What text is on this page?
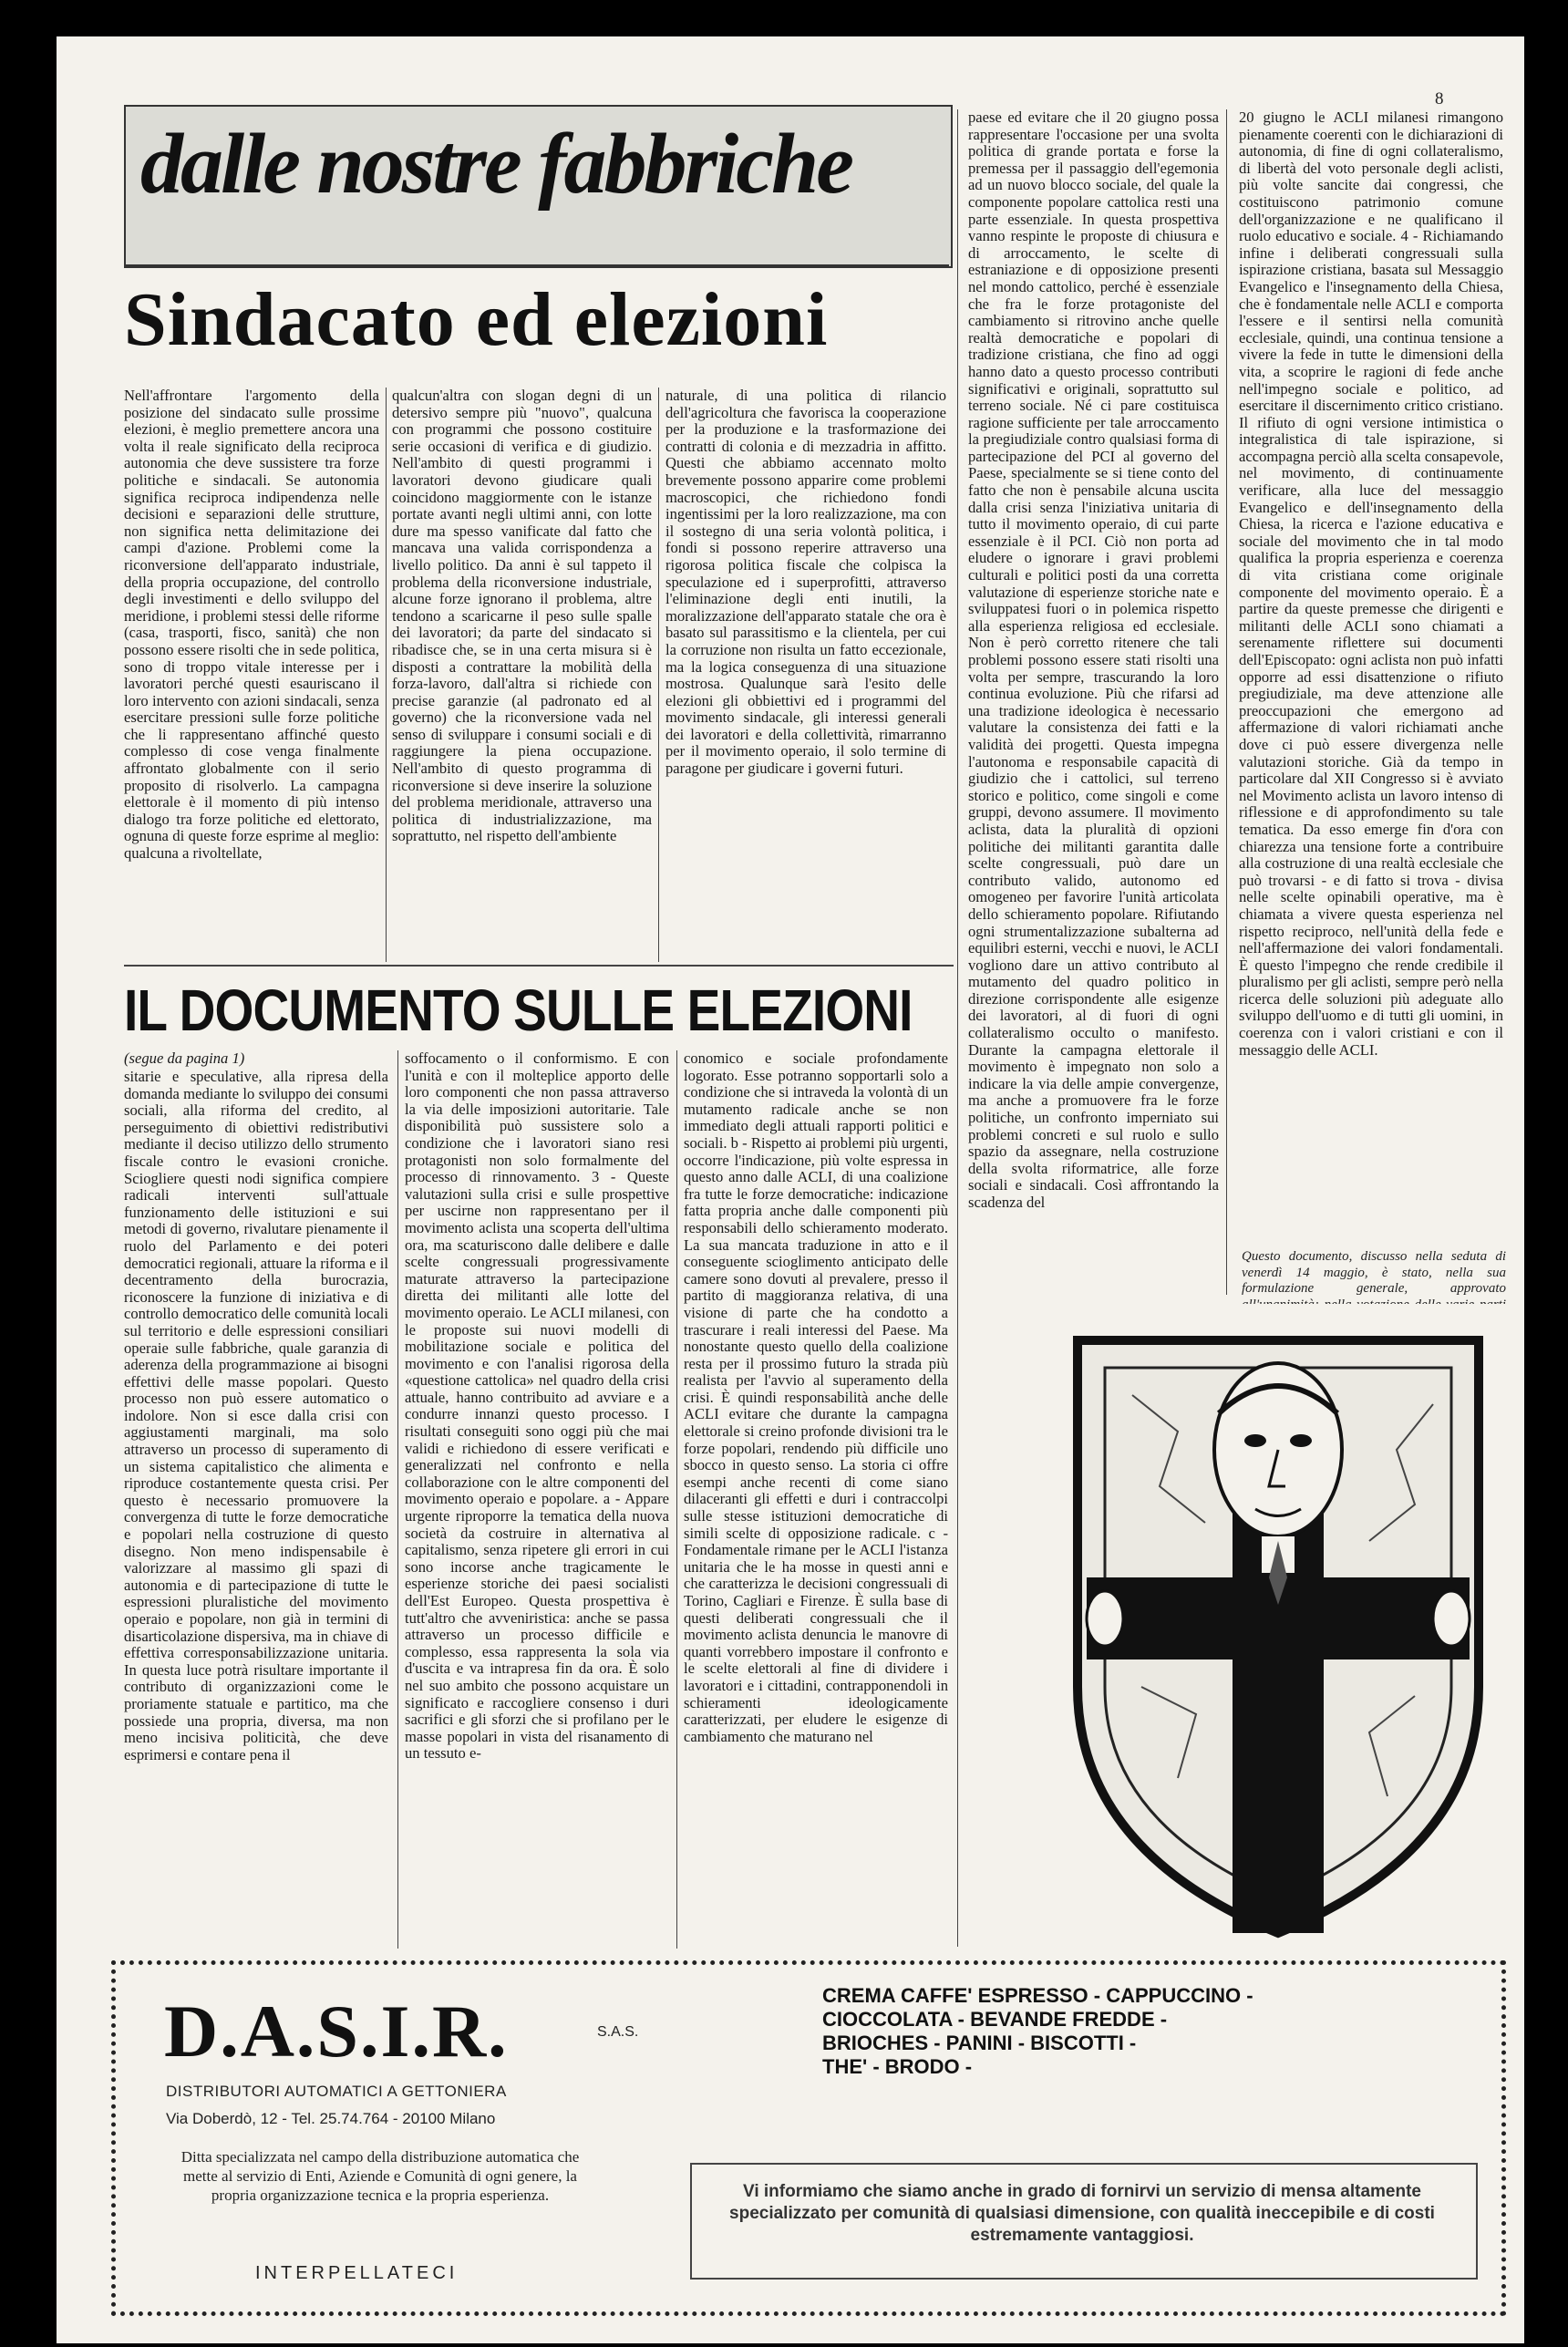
8
dalle nostre fabbriche
Sindacato ed elezioni
Nell'affrontare l'argomento della posizione del sindacato sulle prossime elezioni, è meglio premettere ancora una volta il reale significato della reciproca autonomia che deve sussistere tra forze politiche e sindacali. Se autonomia significa reciproca indipendenza nelle decisioni e separazioni delle strutture, non significa netta delimitazione dei campi d'azione. Problemi come la riconversione dell'apparato industriale, della propria occupazione, del controllo degli investimenti e dello sviluppo del meridione, i problemi stessi delle riforme (casa, trasporti, fisco, sanità) che non possono essere risolti che in sede politica, sono di troppo vitale interesse per i lavoratori perché questi esauriscano il loro intervento con azioni sindacali, senza esercitare pressioni sulle forze politiche che li rappresentano affinché questo complesso di cose venga finalmente affrontato globalmente con il serio proposito di risolverlo. La campagna elettorale è il momento di più intenso dialogo tra forze politiche ed elettorato, ognuna di queste forze esprime al meglio: qualcuna a rivoltellate,
qualcun'altra con slogan degni di un detersivo sempre più "nuovo", qualcuna con programmi che possono costituire serie occasioni di verifica e di giudizio. Nell'ambito di questi programmi i lavoratori devono giudicare quali coincidono maggiormente con le istanze portate avanti negli ultimi anni, con lotte dure ma spesso vanificate dal fatto che mancava una valida corrispondenza a livello politico. Da anni è sul tappeto il problema della riconversione industriale, alcune forze ignorano il problema, altre tendono a scaricarne il peso sulle spalle dei lavoratori; da parte del sindacato si ribadisce che, se in una certa misura si è disposti a contrattare la mobilità della forza-lavoro, dall'altra si richiede con precise garanzie (al padronato ed al governo) che la riconversione vada nel senso di sviluppare i consumi sociali e di raggiungere la piena occupazione. Nell'ambito di questo programma di riconversione si deve inserire la soluzione del problema meridionale, attraverso una politica di industrializzazione, ma soprattutto, nel rispetto dell'ambiente
naturale, di una politica di rilancio dell'agricoltura che favorisca la cooperazione per la produzione e la trasformazione dei contratti di colonia e di mezzadria in affitto. Questi che abbiamo accennato molto brevemente possono apparire come problemi macroscopici, che richiedono fondi ingentissimi per la loro realizzazione, ma con il sostegno di una seria volontà politica, i fondi si possono reperire attraverso una rigorosa politica fiscale che colpisca la speculazione ed i superprofitti, attraverso l'eliminazione degli enti inutili, la moralizzazione dell'apparato statale che ora è basato sul parassitismo e la clientela, per cui la corruzione non risulta un fatto eccezionale, ma la logica conseguenza di una situazione mostrosa. Qualunque sarà l'esito delle elezioni gli obbiettivi ed i programmi del movimento sindacale, gli interessi generali dei lavoratori e della collettività, rimarranno per il movimento operaio, il solo termine di paragone per giudicare i governi futuri.
paese ed evitare che il 20 giugno possa rappresentare l'occasione per una svolta politica di grande portata e forse la premessa per il passaggio dell'egemonia ad un nuovo blocco sociale, del quale la componente popolare cattolica resti una parte essenziale. In questa prospettiva vanno respinte le proposte di chiusura e di arroccamento, le scelte di estraniazione e di opposizione presenti nel mondo cattolico, perché è essenziale che fra le forze protagoniste del cambiamento si ritrovino anche quelle realtà democratiche e popolari di tradizione cristiana, che fino ad oggi hanno dato a questo processo contributi significativi e originali, soprattutto sul terreno sociale. Né ci pare costituisca ragione sufficiente per tale arroccamento la pregiudiziale contro qualsiasi forma di partecipazione del PCI al governo del Paese, specialmente se si tiene conto del fatto che non è pensabile alcuna uscita dalla crisi senza l'iniziativa unitaria di tutto il movimento operaio, di cui parte essenziale è il PCI. Ciò non porta ad eludere o ignorare i gravi problemi culturali e politici posti da una corretta valutazione di esperienze storiche nate e sviluppatesi fuori o in polemica rispetto alla esperienza religiosa ed ecclesiale. Non è però corretto ritenere che tali problemi possono essere stati risolti una volta per sempre, trascurando la loro continua evoluzione. Più che rifarsi ad una tradizione ideologica è necessario valutare la consistenza dei fatti e la validità dei progetti. Questa impegna l'autonoma e responsabile capacità di giudizio che i cattolici, sul terreno storico e politico, come singoli e come gruppi, devono assumere. Il movimento aclista, data la pluralità di opzioni politiche dei militanti garantita dalle scelte congressuali, può dare un contributo valido, autonomo ed omogeneo per favorire l'unità articolata dello schieramento popolare. Rifiutando ogni strumentalizzazione subalterna ad equilibri esterni, vecchi e nuovi, le ACLI vogliono dare un attivo contributo al mutamento del quadro politico in direzione corrispondente alle esigenze dei lavoratori, al di fuori di ogni collateralismo occulto o manifesto. Durante la campagna elettorale il movimento è impegnato non solo a indicare la via delle ampie convergenze, ma anche a promuovere fra le forze politiche, un confronto imperniato sui problemi concreti e sul ruolo e sullo spazio da assegnare, nella costruzione della svolta riformatrice, alle forze sociali e sindacali. Così affrontando la scadenza del
20 giugno le ACLI milanesi rimangono pienamente coerenti con le dichiarazioni di autonomia, di fine di ogni collateralismo, di libertà del voto personale degli aclisti, più volte sancite dai congressi, che costituiscono patrimonio comune dell'organizzazione e ne qualificano il ruolo educativo e sociale. 4 - Richiamando infine i deliberati congressuali sulla ispirazione cristiana, basata sul Messaggio Evangelico e l'insegnamento della Chiesa, che è fondamentale nelle ACLI e comporta l'essere e il sentirsi nella comunità ecclesiale, quindi, una continua tensione a vivere la fede in tutte le dimensioni della vita, a scoprire le ragioni di fede anche nell'impegno sociale e politico, ad esercitare il discernimento critico cristiano. Il rifiuto di ogni versione intimistica o integralistica di tale ispirazione, si accompagna perciò alla scelta consapevole, nel movimento, di continuamente verificare, alla luce del messaggio Evangelico e dell'insegnamento della Chiesa, la ricerca e l'azione educativa e sociale del movimento che in tal modo qualifica la propria esperienza e coerenza di vita cristiana come originale componente del movimento operaio. È a partire da queste premesse che dirigenti e militanti delle ACLI sono chiamati a serenamente riflettere sui documenti dell'Episcopato: ogni aclista non può infatti opporre ad essi disattenzione o rifiuto pregiudiziale, ma deve attenzione alle preoccupazioni che emergono ad affermazione di valori richiamati anche dove ci può essere divergenza nelle valutazioni storiche. Già da tempo in particolare dal XII Congresso si è avviato nel Movimento aclista un lavoro intenso di riflessione e di approfondimento su tale tematica. Da esso emerge fin d'ora con chiarezza una tensione forte a contribuire alla costruzione di una realtà ecclesiale che può trovarsi - e di fatto si trova - divisa nelle scelte opinabili operative, ma è chiamata a vivere questa esperienza nel rispetto reciproco, nell'unità della fede e nell'affermazione dei valori fondamentali. È questo l'impegno che rende credibile il pluralismo per gli aclisti, sempre però nella ricerca delle soluzioni più adeguate allo sviluppo dell'uomo e di tutti gli uomini, in coerenza con i valori cristiani e con il messaggio delle ACLI.
Questo documento, discusso nella seduta di venerdì 14 maggio, è stato, nella sua formulazione generale, approvato
IL DOCUMENTO SULLE ELEZIONI
(segue da pagina 1)
sitarie e speculative, alla ripresa della domanda mediante lo sviluppo dei consumi sociali, alla riforma del credito, al perseguimento di obiettivi redistributivi mediante il deciso utilizzo dello strumento fiscale contro le evasioni croniche. Sciogliere questi nodi significa compiere radicali interventi sull'attuale funzionamento delle istituzioni e sui metodi di governo, rivalutare pienamente il ruolo del Parlamento e dei poteri democratici regionali, attuare la riforma e il decentramento della burocrazia, riconoscere la funzione di iniziativa e di controllo democratico delle comunità locali sul territorio e delle espressioni consiliari operaie sulle fabbriche, quale garanzia di aderenza della programmazione ai bisogni effettivi delle masse popolari. Questo processo non può essere automatico o indolore. Non si esce dalla crisi con aggiustamenti marginali, ma solo attraverso un processo di superamento di un sistema capitalistico che alimenta e riproduce costantemente questa crisi. Per questo è necessario promuovere la convergenza di tutte le forze democratiche e popolari nella costruzione di questo disegno. Non meno indispensabile è valorizzare al massimo gli spazi di autonomia e di partecipazione di tutte le espressioni pluralistiche del movimento operaio e popolare, non già in termini di disarticolazione dispersiva, ma in chiave di effettiva corresponsabilizzazione unitaria. In questa luce potrà risultare importante il contributo di organizzazioni come le proriamente statuale e partitico, ma che possiede una propria, diversa, ma non meno incisiva politicità, che deve esprimersi e contare pena il
soffocamento o il conformismo. E con l'unità e con il molteplice apporto delle loro componenti che non passa attraverso la via delle imposizioni autoritarie. Tale disponibilità può sussistere solo a condizione che i lavoratori siano resi protagonisti non solo formalmente del processo di rinnovamento. 3 - Queste valutazioni sulla crisi e sulle prospettive per uscirne non rappresentano per il movimento aclista una scoperta dell'ultima ora, ma scaturiscono dalle delibere e dalle scelte congressuali progressivamente maturate attraverso la partecipazione diretta dei militanti alle lotte del movimento operaio. Le ACLI milanesi, con le proposte sui nuovi modelli di mobilitazione sociale e politica del movimento e con l'analisi rigorosa della «questione cattolica» nel quadro della crisi attuale, hanno contribuito ad avviare e a condurre innanzi questo processo. I risultati conseguiti sono oggi più che mai validi e richiedono di essere verificati e generalizzati nel confronto e nella collaborazione con le altre componenti del movimento operaio e popolare. a - Appare urgente riproporre la tematica della nuova società da costruire in alternativa al capitalismo, senza ripetere gli errori in cui sono incorse anche tragicamente le esperienze storiche dei paesi socialisti dell'Est Europeo. Questa prospettiva è tutt'altro che avveniristica: anche se passa attraverso un processo difficile e complesso, essa rappresenta la sola via d'uscita e va intrapresa fin da ora. È solo nel suo ambito che possono acquistare un significato e raccogliere consenso i duri sacrifici e gli sforzi che si profilano per le masse popolari in vista del risanamento di un tessuto e-
conomico e sociale profondamente logorato. Esse potranno sopportarli solo a condizione che si intraveda la volontà di un mutamento radicale anche se non immediato degli attuali rapporti politici e sociali. b - Rispetto ai problemi più urgenti, occorre l'indicazione, più volte espressa in questo anno dalle ACLI, di una coalizione fra tutte le forze democratiche: indicazione fatta propria anche dalle componenti più responsabili dello schieramento moderato. La sua mancata traduzione in atto e il conseguente scioglimento anticipato delle camere sono dovuti al prevalere, presso il partito di maggioranza relativa, di una visione di parte che ha condotto a trascurare i reali interessi del Paese. Ma nonostante questo quello della coalizione resta per il prossimo futuro la strada più realista per l'avvio al superamento della crisi. È quindi responsabilità anche delle ACLI evitare che durante la campagna elettorale si creino profonde divisioni tra le forze popolari, rendendo più difficile uno sbocco in questo senso. La storia ci offre esempi anche recenti di come siano dilaceranti gli effetti e duri i contraccolpi sulle stesse istituzioni democratiche di simili scelte di opposizione radicale. c - Fondamentale rimane per le ACLI l'istanza unitaria che le ha mosse in questi anni e che caratterizza le decisioni congressuali di Torino, Cagliari e Firenze. È sulla base di questi deliberati congressuali che il movimento aclista denuncia le manovre di quanti vorrebbero impostare il confronto e le scelte elettorali al fine di dividere i lavoratori e i cittadini, contrapponendoli in schieramenti ideologicamente caratterizzati, per eludere le esigenze di cambiamento che maturano nel
D.A.S.I.R.	S.A.S.
DISTRIBUTORI AUTOMATICI A GETTONIERA
Via Doberdò, 12 - Tel. 25.74.764 - 20100 Milano
Ditta specializzata nel campo della distribuzione automatica che mette al servizio di Enti, Aziende e Comunità di ogni genere, la propria organizzazione tecnica e la propria esperienza.
INTERPELLATECI
CREMA CAFFE' ESPRESSO - CAPPUCCINO -
CIOCCOLATA - BEVANDE FREDDE -
BRIOCHES - PANINI - BISCOTTI -
THE' - BRODO -
Vi informiamo che siamo anche in grado di fornirvi un servizio di mensa altamente specializzato per comunità di qualsiasi dimensione, con qualità ineccepibile e di costi estremamente vantaggiosi.
